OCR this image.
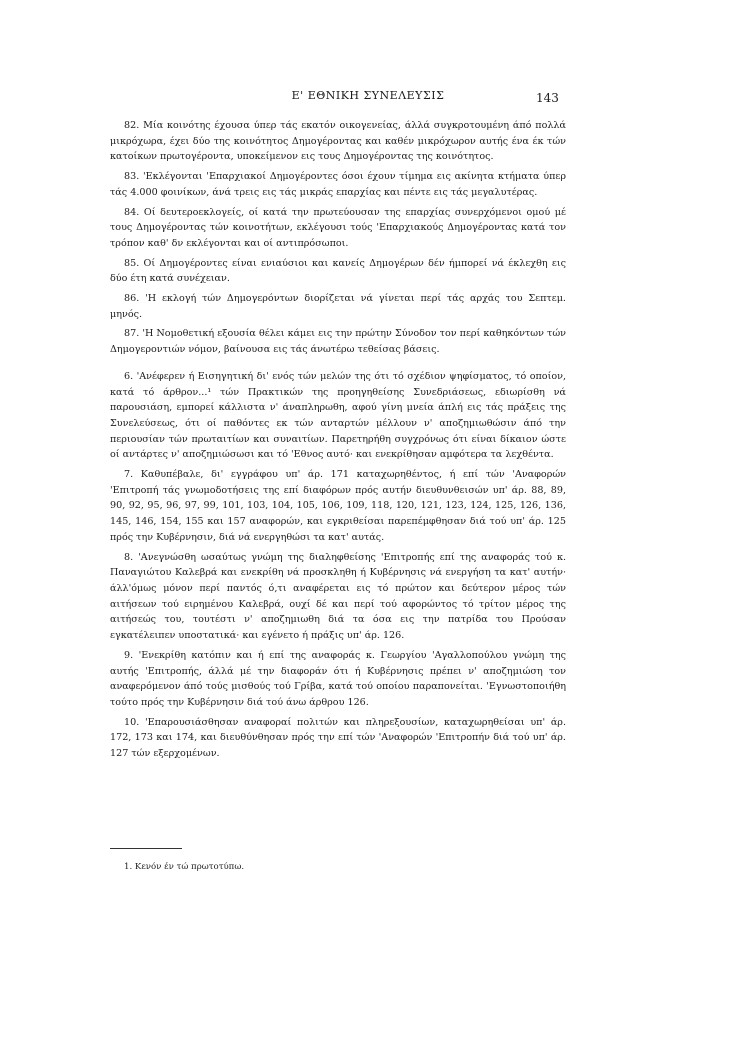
Ε' ΕΘΝΙΚΗ ΣΥΝΕΛΕΥΣΙΣ	143

82. Μία κοινότης έχουσα ύπερ τάς εκατόν οικογενείας, άλλά συγκροτουμένη άπό πολλά μικρόχωρα, έχει δύο της κοινότητος Δημογέροντας και καθέν μικρόχωρον αυτής ένα έκ τών κατοίκων πρωτογέροντα, υποκείμενον εις τους Δημογέροντας της κοινότητος.

83. 'Εκλέγονται 'Επαρχιακοί Δημογέροντες όσοι έχουν τίμημα εις ακίνητα κτήματα ύπερ τάς 4.000 φοινίκων, άνά τρεις εις τάς μικράς επαρχίας και πέντε εις τάς μεγαλυτέρας.

84. Οί δευτεροεκλογείς, οί κατά την πρωτεύουσαν της επαρχίας συνερχόμενοι ομού μέ τους Δημογέροντας τών κοινοτήτων, εκλέγουσι τούς 'Επαρχιακούς Δημογέροντας κατά τον τρόπον καθ' δν εκλέγονται και οί αντιπρόσωποι.

85. Οί Δημογέροντες είναι ενιαύσιοι και κανείς Δημογέρων δέν ήμπορεί νά έκλεχθη εις δύο έτη κατά συνέχειαν.

86. 'Η εκλογή τών Δημογερόντων διορίζεται νά γίνεται περί τάς αρχάς του Σεπτεμ. μηνός.

87. 'Η Νομοθετική εξουσία θέλει κάμει εις την πρώτην Σύνοδον τον περί καθηκόντων τών Δημογεροντιών νόμον, βαίνουσα εις τάς άνωτέρω τεθείσας βάσεις.

6. 'Ανέφερεν ή Εισηγητική δι' ενός τών μελών της ότι τό σχέδιον ψηφίσματος, τό οποίον, κατά τό άρθρον...¹ τών Πρακτικών της προηγηθείσης Συνεδριάσεως, εδιωρίσθη νά παρουσιάση, εμπορεί κάλλιστα ν' άναπληρωθη, αφού γίνη μνεία άπλή εις τάς πράξεις της Συνελεύσεως, ότι οί παθόντες εκ τών ανταρτών μέλλουν ν' αποζημιωθώσιν άπό την περιουσίαν τών πρωταιτίων και συναιτίων. Παρετηρήθη συγχρόνως ότι είναι δίκαιον ώστε οί αντάρτες ν' αποζημιώσωσι και τό 'Εθνος αυτό· και ενεκρίθησαν αμφότερα τα λεχθέντα.

7. Καθυπέβαλε, δι' εγγράφου υπ' άρ. 171 καταχωρηθέντος, ή επί τών 'Αναφορών 'Επιτροπή τάς γνωμοδοτήσεις της επί διαφόρων πρός αυτήν διευθυνθεισών υπ' άρ. 88, 89, 90, 92, 95, 96, 97, 99, 101, 103, 104, 105, 106, 109, 118, 120, 121, 123, 124, 125, 126, 136, 145, 146, 154, 155 και 157 αναφορών, και εγκριθείσαι παρεπέμφθησαν διά τού υπ' άρ. 125 πρός την Κυβέρνησιν, διά νά ενεργηθώσι τα κατ' αυτάς.

8. 'Ανεγνώσθη ωσαύτως γνώμη της διαληφθείσης 'Επιτροπής επί της αναφοράς τού κ. Παναγιώτου Καλεβρά και ενεκρίθη νά προσκληθη ή Κυβέρνησις νά ενεργήση τα κατ' αυτήν· άλλ'όμως μόνον περί παντός ό,τι αναφέρεται εις τό πρώτον και δεύτερον μέρος τών αιτήσεων τού ειρημένου Καλεβρά, ουχί δέ και περί τού αφορώντος τό τρίτον μέρος της αιτήσεώς του, τουτέστι ν' αποζημιωθη διά τα όσα εις την πατρίδα του Προύσαν εγκατέλειπεν υποστατικά· και εγένετο ή πράξις υπ' άρ. 126.

9. 'Ενεκρίθη κατόπιν και ή επί της αναφοράς κ. Γεωργίου 'Αγαλλοπούλου γνώμη της αυτής 'Επιτροπής, άλλά μέ την διαφοράν ότι ή Κυβέρνησις πρέπει ν' αποζημιώση τον αναφερόμενον άπό τούς μισθούς τού Γρίβα, κατά τού οποίου παραπονείται. 'Εγνωστοποιήθη τούτο πρός την Κυβέρνησιν διά τού άνω άρθρου 126.

10. 'Επαρουσιάσθησαν αναφοραί πολιτών και πληρεξουσίων, καταχωρηθείσαι υπ' άρ. 172, 173 και 174, και διευθύνθησαν πρός την επί τών 'Αναφορών 'Επιτροπήν διά τού υπ' άρ. 127 τών εξερχομένων.

1. Κενόν έν τώ πρωτοτύπω.
